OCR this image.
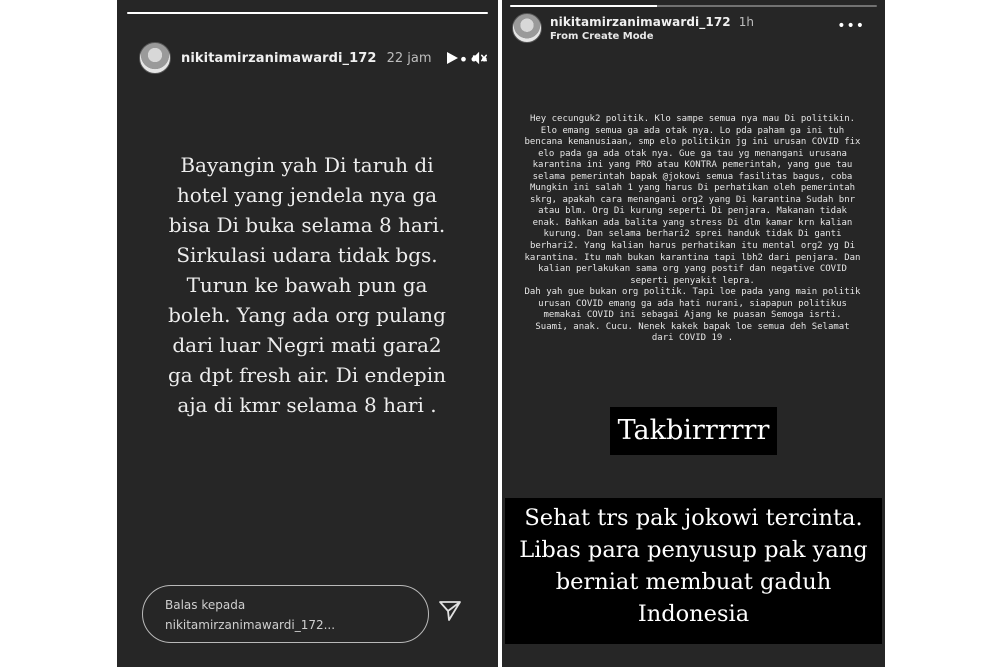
nikitamirzanimawardi_172 22 jam •••
Bayangin yah Di taruh di hotel yang jendela nya ga bisa Di buka selama 8 hari. Sirkulasi udara tidak bgs. Turun ke bawah pun ga boleh. Yang ada org pulang dari luar Negri mati gara2 ga dpt fresh air. Di endepin aja di kmr selama 8 hari .
Balas kepada
nikitamirzanimawardi_172...
nikitamirzanimawardi_172 1h
From Create Mode
•••
Hey cecunguk2 politik. Klo sampe semua nya mau Di politikin.
Elo emang semua ga ada otak nya. Lo pda paham ga ini tuh
bencana kemanusiaan, smp elo politikin jg ini urusan COVID fix
elo pada ga ada otak nya. Gue ga tau yg menangani urusana
karantina ini yang PRO atau KONTRA pemerintah, yang gue tau
selama pemerintah bapak @jokowi semua fasilitas bagus, coba
Mungkin ini salah 1 yang harus Di perhatikan oleh pemerintah
skrg, apakah cara menangani org2 yang Di karantina Sudah bnr
atau blm. Org Di kurung seperti Di penjara. Makanan tidak
enak. Bahkan ada balita yang stress Di dlm kamar krn kalian
kurung. Dan selama berhari2 sprei handuk tidak Di ganti
berhari2. Yang kalian harus perhatikan itu mental org2 yg Di
karantina. Itu mah bukan karantina tapi lbh2 dari penjara. Dan
kalian perlakukan sama org yang postif dan negative COVID
seperti penyakit lepra.
Dah yah gue bukan org politik. Tapi loe pada yang main politik
urusan COVID emang ga ada hati nurani, siapapun politikus
memakai COVID ini sebagai Ajang ke puasan Semoga isrti.
Suami, anak. Cucu. Nenek kakek bapak loe semua deh Selamat
dari COVID 19 .
Takbirrrrrr
Sehat trs pak jokowi tercinta. Libas para penyusup pak yang berniat membuat gaduh Indonesia
